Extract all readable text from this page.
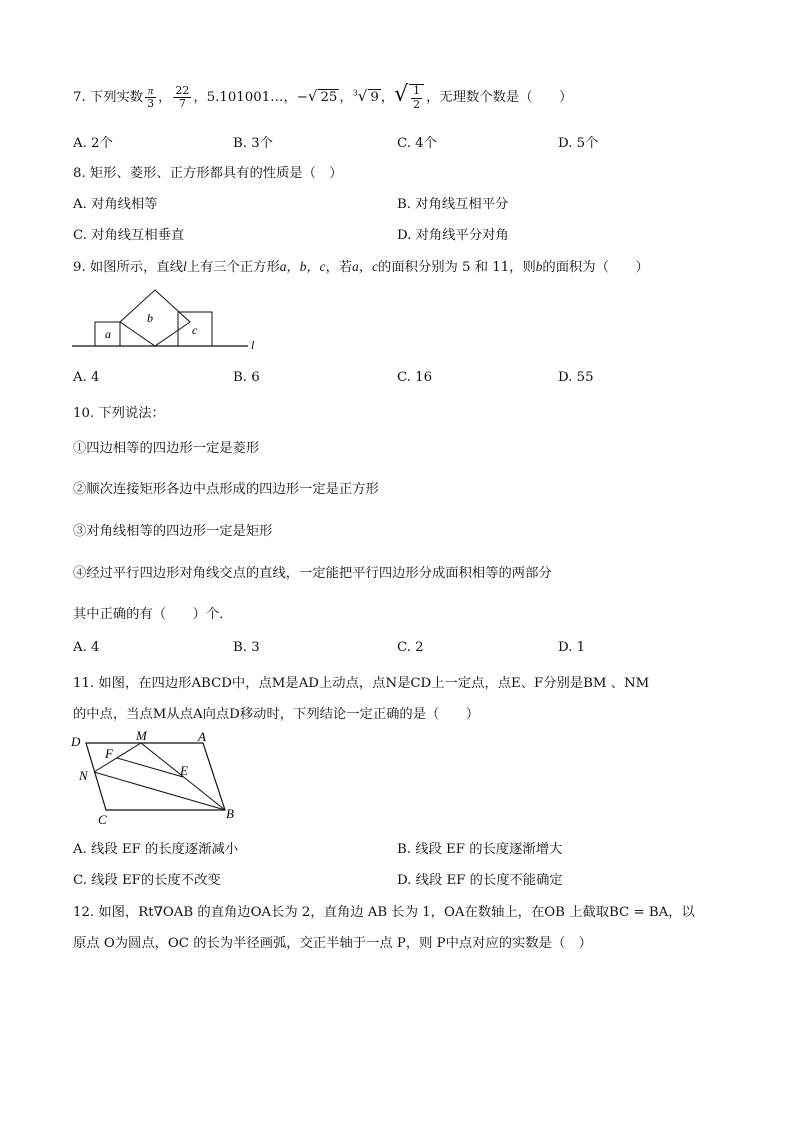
7. 下列实数 $\frac{\pi}{3}$ ， $\frac{22}{7}$ ，5.101001…，−√ 25 ，$^3$√ 9 ，√ $\frac{1}{2}$ ，无理数个数是（　　）
A. 2个	B. 3个	C. 4个	D. 5个
8. 矩形、菱形、正方形都具有的性质是（　）
A. 对角线相等	B. 对角线互相平分
C. 对角线互相垂直	D. 对角线平分对角
9. 如图所示，直线l上有三个正方形a，b，c，若a，c的面积分别为 5 和 11，则b的面积为（　　）
a
b
c
l
A. 4	B. 6	C. 16	D. 55
10. 下列说法：
①四边相等的四边形一定是菱形
②顺次连接矩形各边中点形成的四边形一定是正方形
③对角线相等的四边形一定是矩形
④经过平行四边形对角线交点的直线，一定能把平行四边形分成面积相等的两部分
其中正确的有（　　）个．
A. 4	B. 3	C. 2	D. 1
11. 如图，在四边形ABCD中，点M是AD上动点，点N是CD上一定点，点E、F分别是BM 、NM
的中点，当点M从点A向点D移动时，下列结论一定正确的是（　　）
D	M	A
F
N	E
B
C
A. 线段 EF 的长度逐渐减小	B. 线段 EF 的长度逐渐增大
C. 线段 EF的长度不改变	D. 线段 EF 的长度不能确定
12. 如图，Rt∇OAB 的直角边OA长为 2，直角边 AB 长为 1，OA在数轴上，在OB 上截取BC = BA，以
原点 O为圆点，OC 的长为半径画弧，交正半轴于一点 P，则 P中点对应的实数是（　）
